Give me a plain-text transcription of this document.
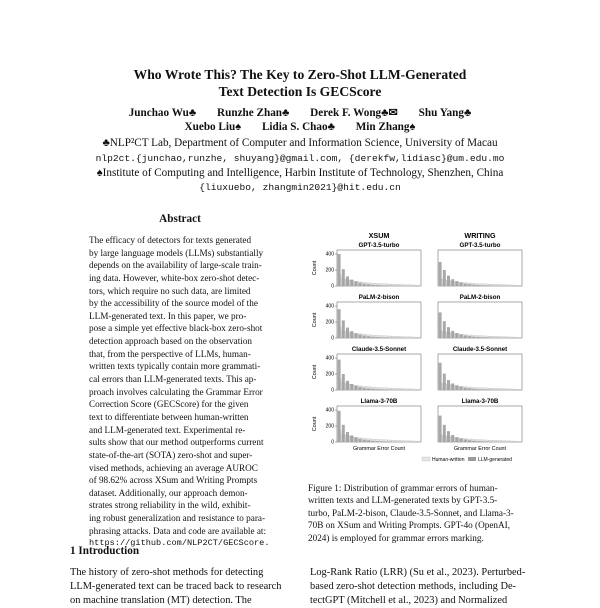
Who Wrote This? The Key to Zero-Shot LLM-Generated
Text Detection Is GECScore
Junchao Wu♣ Runzhe Zhan♣ Derek F. Wong♣✉ Shu Yang♣
Xuebo Liu♠ Lidia S. Chao♣ Min Zhang♠
♣NLP²CT Lab, Department of Computer and Information Science, University of Macau
nlp2ct.{junchao,runzhe, shuyang}@gmail.com, {derekfw,lidiasc}@um.edu.mo
♠Institute of Computing and Intelligence, Harbin Institute of Technology, Shenzhen, China
{liuxuebo, zhangmin2021}@hit.edu.cn
Abstract
The efficacy of detectors for texts generated
by large language models (LLMs) substantially
depends on the availability of large-scale train-
ing data. However, white-box zero-shot detec-
tors, which require no such data, are limited
by the accessibility of the source model of the
LLM-generated text. In this paper, we pro-
pose a simple yet effective black-box zero-shot
detection approach based on the observation
that, from the perspective of LLMs, human-
written texts typically contain more grammati-
cal errors than LLM-generated texts. This ap-
proach involves calculating the Grammar Error
Correction Score (GECScore) for the given
text to differentiate between human-written
and LLM-generated text. Experimental re-
sults show that our method outperforms current
state-of-the-art (SOTA) zero-shot and super-
vised methods, achieving an average AUROC
of 98.62% across XSum and Writing Prompts
dataset. Additionally, our approach demon-
strates strong reliability in the wild, exhibit-
ing robust generalization and resistance to para-
phrasing attacks. Data and code are available at:
https://github.com/NLP2CT/GECScore.
1 Introduction
The history of zero-shot methods for detecting
LLM-generated text can be traced back to research
on machine translation (MT) detection. The
Log-Rank Ratio (LRR) (Su et al., 2023). Perturbed-
based zero-shot detection methods, including De-
tectGPT (Mitchell et al., 2023) and Normalized
XSUM	WRITING
GPT-3.5-turbo
0
200
400
Count
GPT-3.5-turbo
PaLM-2-bison
0
200
400
Count
PaLM-2-bison
Claude-3.5-Sonnet
0
200
400
Count
Claude-3.5-Sonnet
Llama-3-70B
0
200
400
Count
Llama-3-70B
Grammar Error Count	Grammar Error Count
Human-written	LLM-generated
Figure 1: Distribution of grammar errors of human-
written texts and LLM-generated texts by GPT-3.5-
turbo, PaLM-2-bison, Claude-3.5-Sonnet, and Llama-3-
70B on XSum and Writing Prompts. GPT-4o (OpenAI,
2024) is employed for grammar errors marking.
